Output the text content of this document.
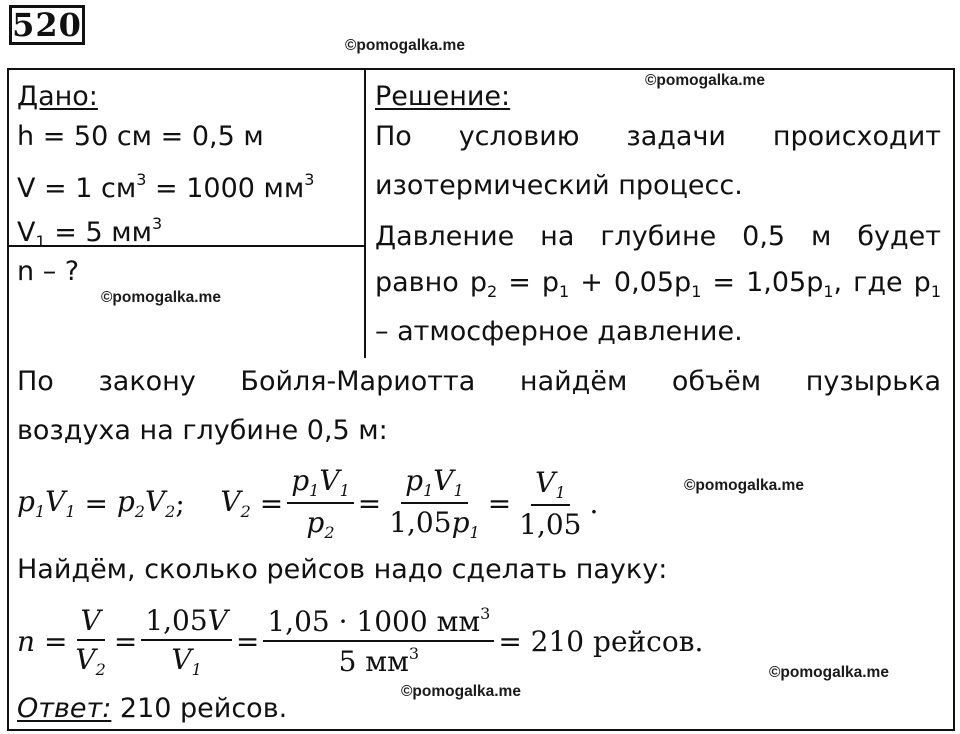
520
©pomogalka.me
©pomogalka.me
©pomogalka.me
©pomogalka.me
©pomogalka.me
©pomogalka.me
Дано:
h = 50 см = 0,5 м
V = 1 $см^3 = 1000$ $мм^3$
$V_1 = 5$ $мм^3$
n – ?
Решение:
По условию задачи происходит
изотермический процесс.
Давление на глубине 0,5 м будет
равно $p_2 = p_1 + 0,05p_1 = 1,05p_1$, где $p_1$
– атмосферное давление.
По закону Бойля-Мариотта найдём объём пузырька
воздуха на глубине 0,5 м:
$p_1V_1 = p_2V_2$ ; $V_2 = \frac{p_1V_1}{p_2} = \frac{p_1V_1}{1,05p_1} = \frac{V_1}{1,05}$ .
Найдём, сколько рейсов надо сделать пауку:
$n = \frac{V}{V_2} = \frac{1,05V}{V_1} = \frac{1,05 \cdot 1000 мм^3}{5 мм^3} = 210$ рейсов.
Ответ: 210 рейсов.
